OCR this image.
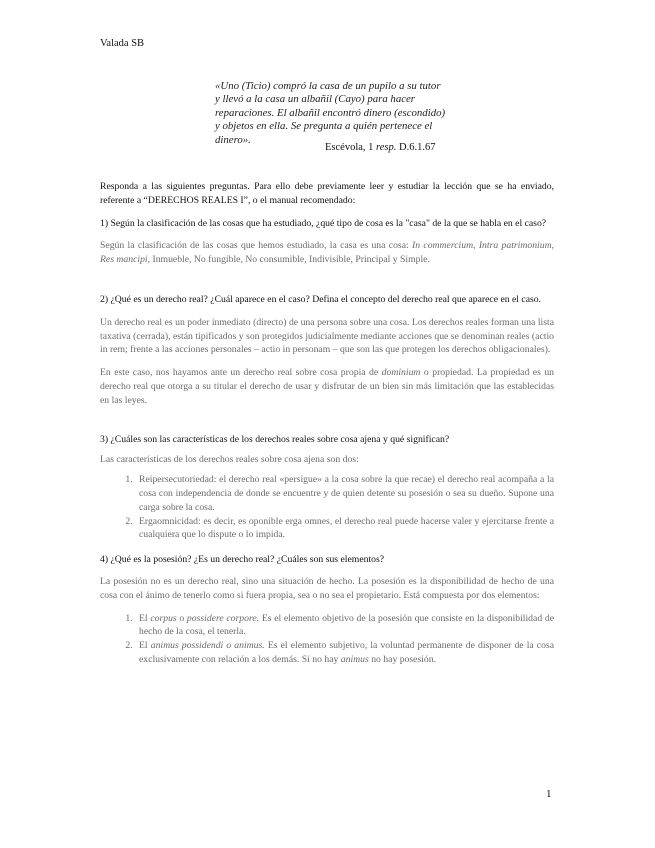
Valada SB

«Uno (Ticio) compró la casa de un pupilo a su tutor y llevó a la casa un albañil (Cayo) para hacer reparaciones. El albañil encontró dinero (escondido) y objetos en ella. Se pregunta a quién pertenece el dinero».

Escévola, 1 resp. D.6.1.67

Responda a las siguientes preguntas. Para ello debe previamente leer y estudiar la lección que se ha enviado, referente a “DERECHOS REALES I”, o el manual recomendado:

1) Según la clasificación de las cosas que ha estudiado, ¿qué tipo de cosa es la "casa" de la que se habla en el caso?

Según la clasificación de las cosas que hemos estudiado, la casa es una cosa: In commercium, Intra patrimonium, Res mancipi, Inmueble, No fungible, No consumible, Indivisible, Principal y Simple.

2) ¿Qué es un derecho real? ¿Cuál aparece en el caso? Defina el concepto del derecho real que aparece en el caso.

Un derecho real es un poder inmediato (directo) de una persona sobre una cosa. Los derechos reales forman una lista taxativa (cerrada), están tipificados y son protegidos judicialmente mediante acciones que se denominan reales (actio in rem; frente a las acciones personales – actio in personam – que son las que protegen los derechos obligacionales).

En este caso, nos hayamos ante un derecho real sobre cosa propia de dominium o propiedad. La propiedad es un derecho real que otorga a su titular el derecho de usar y disfrutar de un bien sin más limitación que las establecidas en las leyes.

3) ¿Cuáles son las características de los derechos reales sobre cosa ajena y qué significan?

Las características de los derechos reales sobre cosa ajena son dos:

1. Reipersecutoriedad: el derecho real «persigue» a la cosa sobre la que recae) el derecho real acompaña a la cosa con independencia de donde se encuentre y de quien detente su posesión o sea su dueño. Supone una carga sobre la cosa.
2. Ergaomnicidad: es decir, es oponible erga omnes, el derecho real puede hacerse valer y ejercitarse frente a cualquiera que lo dispute o lo impida.

4) ¿Qué es la posesión? ¿Es un derecho real? ¿Cuáles son sus elementos?

La posesión no es un derecho real, sino una situación de hecho. La posesión es la disponibilidad de hecho de una cosa con el ánimo de tenerlo como si fuera propia, sea o no sea el propietario. Está compuesta por dos elementos:

1. El corpus o possidere corpore. Es el elemento objetivo de la posesión que consiste en la disponibilidad de hecho de la cosa, el tenerla.
2. El animus possidendi o animus. Es el elemento subjetivo, la voluntad permanente de disponer de la cosa exclusivamente con relación a los demás. Si no hay animus no hay posesión.
1
